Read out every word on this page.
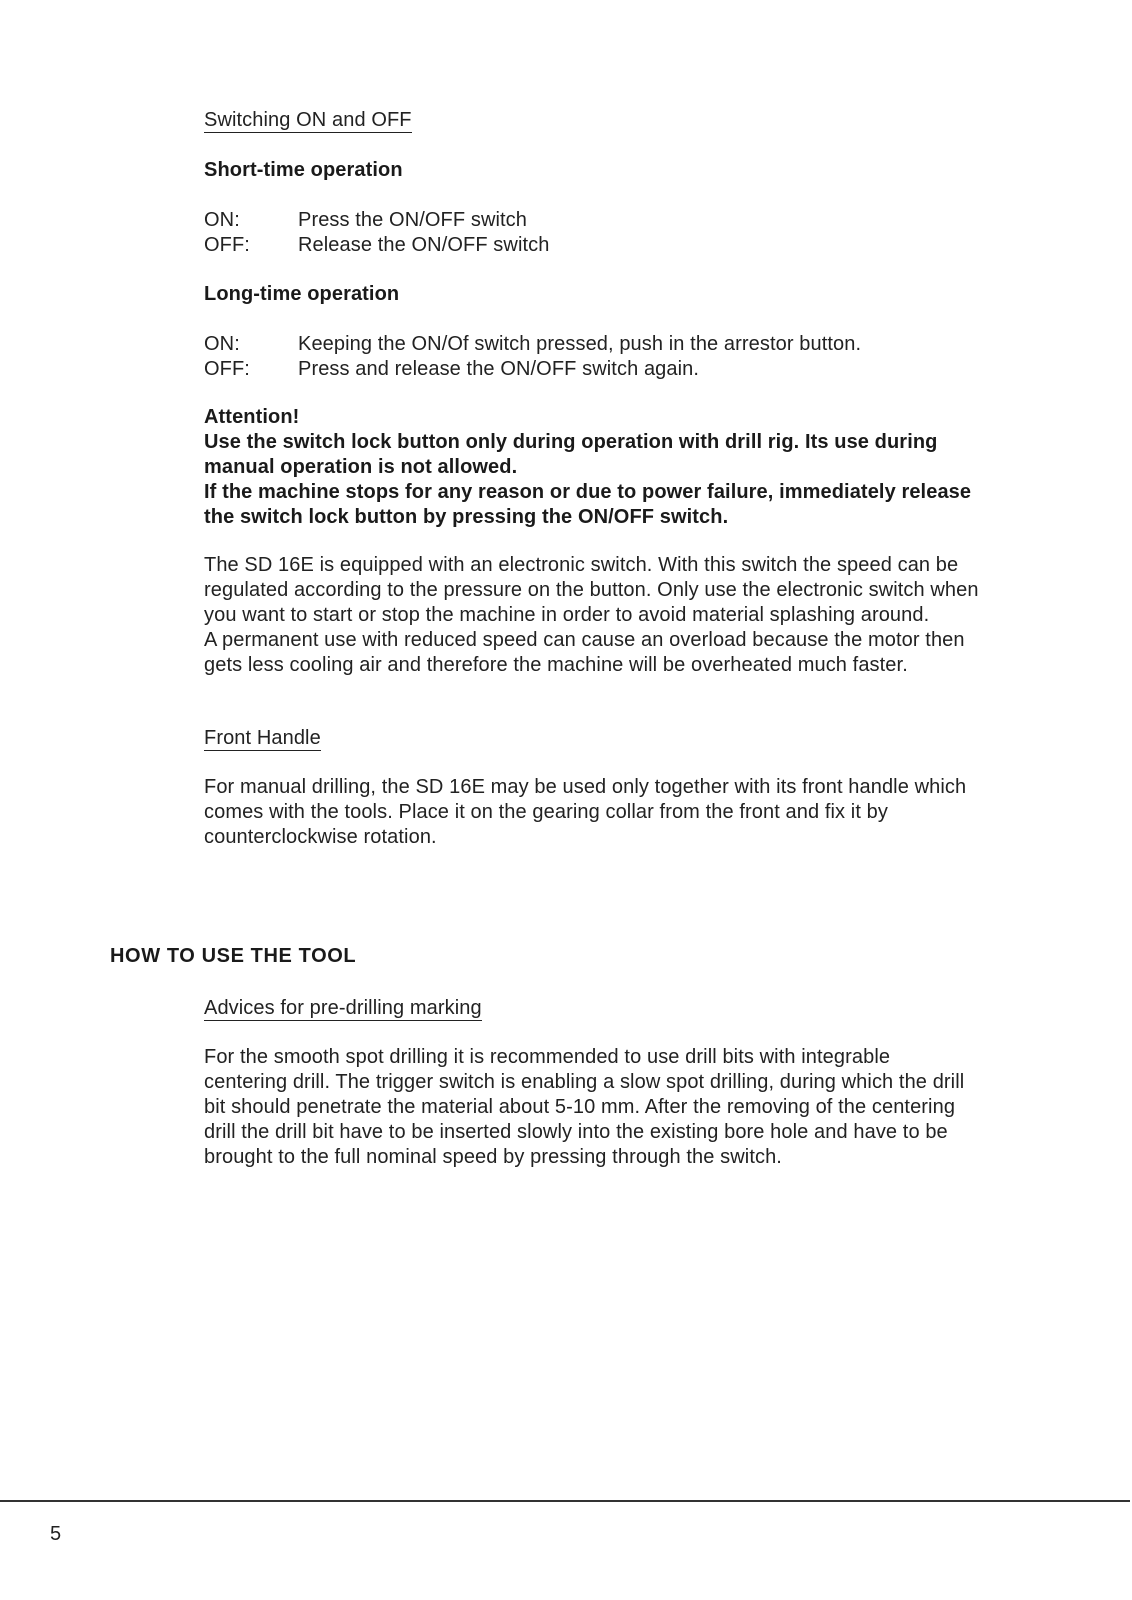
Switching ON and OFF
Short-time operation
ON:	Press the ON/OFF switch
OFF: Release the ON/OFF switch
Long-time operation
ON:	Keeping the ON/Of switch pressed, push in the arrestor button.
OFF: Press and release the ON/OFF switch again.
Attention!
Use the switch lock button only during operation with drill rig. Its use during
manual operation is not allowed.
If the machine stops for any reason or due to power failure, immediately release
the switch lock button by pressing the ON/OFF switch.
The SD 16E is equipped with an electronic switch. With this switch the speed can be
regulated according to the pressure on the button. Only use the electronic switch when
you want to start or stop the machine in order to avoid material splashing around.
A permanent use with reduced speed can cause an overload because the motor then
gets less cooling air and therefore the machine will be overheated much faster.
Front Handle
For manual drilling, the SD 16E may be used only together with its front handle which
comes with the tools. Place it on the gearing collar from the front and fix it by
counterclockwise rotation.
HOW TO USE THE TOOL
Advices for pre-drilling marking
For the smooth spot drilling it is recommended to use drill bits with integrable
centering drill. The trigger switch is enabling a slow spot drilling, during which the drill
bit should penetrate the material about 5-10 mm. After the removing of the centering
drill the drill bit have to be inserted slowly into the existing bore hole and have to be
brought to the full nominal speed by pressing through the switch.
5
